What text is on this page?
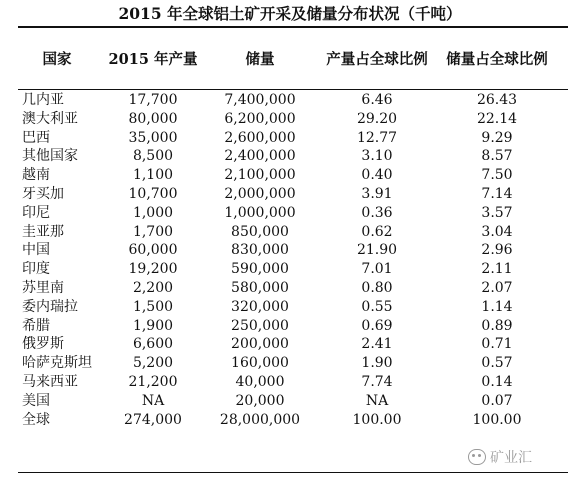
2015 年全球铝土矿开采及储量分布状况（千吨）
国家	2015 年产量	储量	产量占全球比例	储量占全球比例
几内亚	17,700	7,400,000	6.46	26.43
澳大利亚	80,000	6,200,000	29.20	22.14
巴西	35,000	2,600,000	12.77	9.29
其他国家	8,500	2,400,000	3.10	8.57
越南	1,100	2,100,000	0.40	7.50
牙买加	10,700	2,000,000	3.91	7.14
印尼	1,000	1,000,000	0.36	3.57
圭亚那	1,700	850,000	0.62	3.04
中国	60,000	830,000	21.90	2.96
印度	19,200	590,000	7.01	2.11
苏里南	2,200	580,000	0.80	2.07
委内瑞拉	1,500	320,000	0.55	1.14
希腊	1,900	250,000	0.69	0.89
俄罗斯	6,600	200,000	2.41	0.71
哈萨克斯坦	5,200	160,000	1.90	0.57
马来西亚	21,200	40,000	7.74	0.14
美国	NA	20,000	NA	0.07
全球	274,000	28,000,000	100.00	100.00
矿业汇
